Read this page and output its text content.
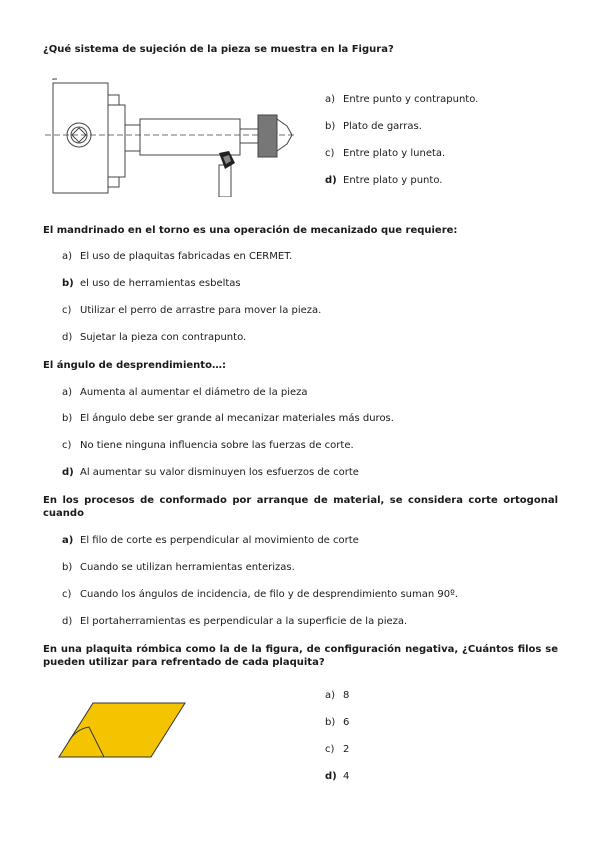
¿Qué sistema de sujeción de la pieza se muestra en la Figura?
a) Entre punto y contrapunto.
b) Plato de garras.
c) Entre plato y luneta.
d) Entre plato y punto.
El mandrinado en el torno es una operación de mecanizado que requiere:
a) El uso de plaquitas fabricadas en CERMET.
b) el uso de herramientas esbeltas
c) Utilizar el perro de arrastre para mover la pieza.
d) Sujetar la pieza con contrapunto.
El ángulo de desprendimiento…:
a) Aumenta al aumentar el diámetro de la pieza
b) El ángulo debe ser grande al mecanizar materiales más duros.
c) No tiene ninguna influencia sobre las fuerzas de corte.
d) Al aumentar su valor disminuyen los esfuerzos de corte
En los procesos de conformado por arranque de material, se considera corte ortogonal cuando
a) El filo de corte es perpendicular al movimiento de corte
b) Cuando se utilizan herramientas enterizas.
c) Cuando los ángulos de incidencia, de filo y de desprendimiento suman 90º.
d) El portaherramientas es perpendicular a la superficie de la pieza.
En una plaquita rómbica como la de la figura, de configuración negativa, ¿Cuántos filos se pueden utilizar para refrentado de cada plaquita?
a) 8
b) 6
c) 2
d) 4
